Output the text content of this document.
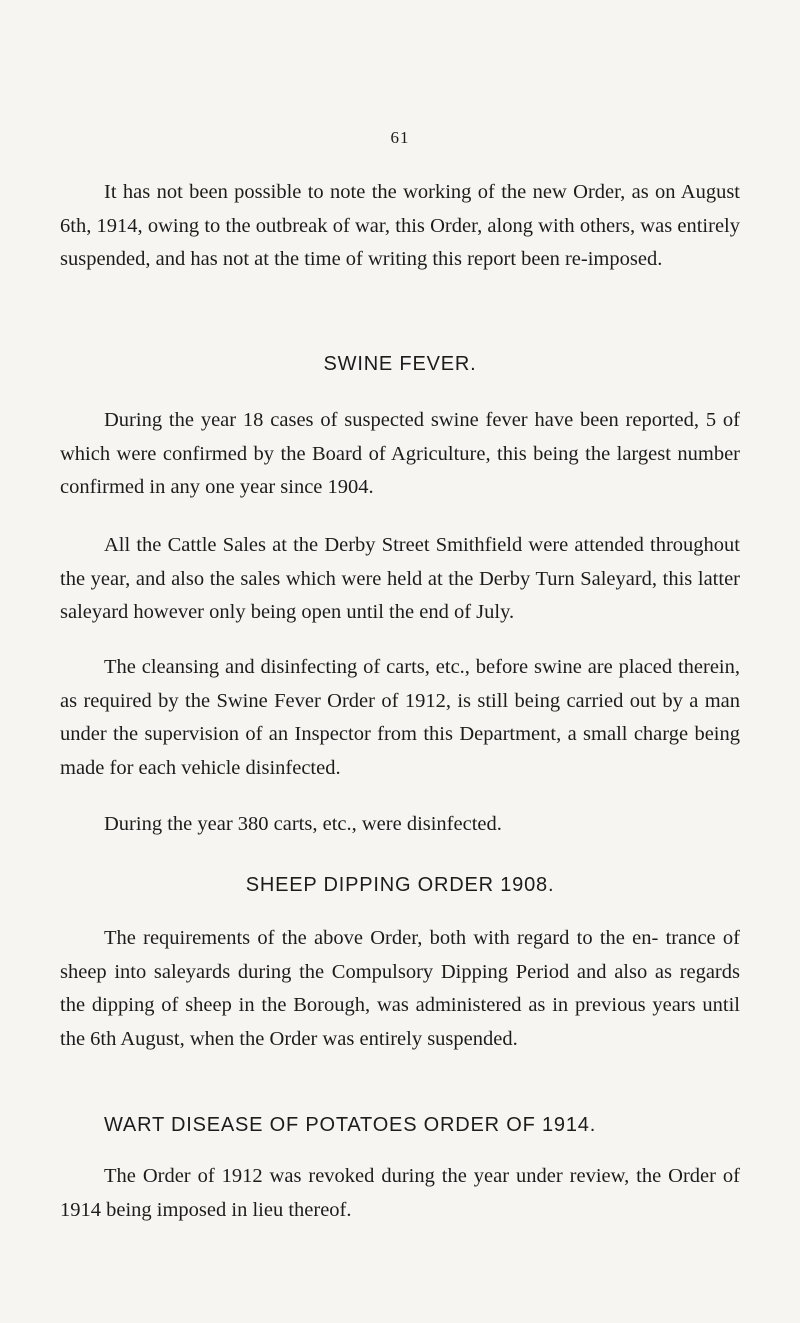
61

It has not been possible to note the working of the new Order, as on August 6th, 1914, owing to the outbreak of war, this Order, along with others, was entirely suspended, and has not at the time of writing this report been re-imposed.

SWINE FEVER.

During the year 18 cases of suspected swine fever have been reported, 5 of which were confirmed by the Board of Agriculture, this being the largest number confirmed in any one year since 1904.

All the Cattle Sales at the Derby Street Smithfield were attended throughout the year, and also the sales which were held at the Derby Turn Saleyard, this latter saleyard however only being open until the end of July.

The cleansing and disinfecting of carts, etc., before swine are placed therein, as required by the Swine Fever Order of 1912, is still being carried out by a man under the supervision of an Inspector from this Department, a small charge being made for each vehicle disinfected.

During the year 380 carts, etc., were disinfected.

SHEEP DIPPING ORDER 1908.

The requirements of the above Order, both with regard to the en- trance of sheep into saleyards during the Compulsory Dipping Period and also as regards the dipping of sheep in the Borough, was administered as in previous years until the 6th August, when the Order was entirely suspended.

WART DISEASE OF POTATOES ORDER OF 1914.

The Order of 1912 was revoked during the year under review, the Order of 1914 being imposed in lieu thereof.
